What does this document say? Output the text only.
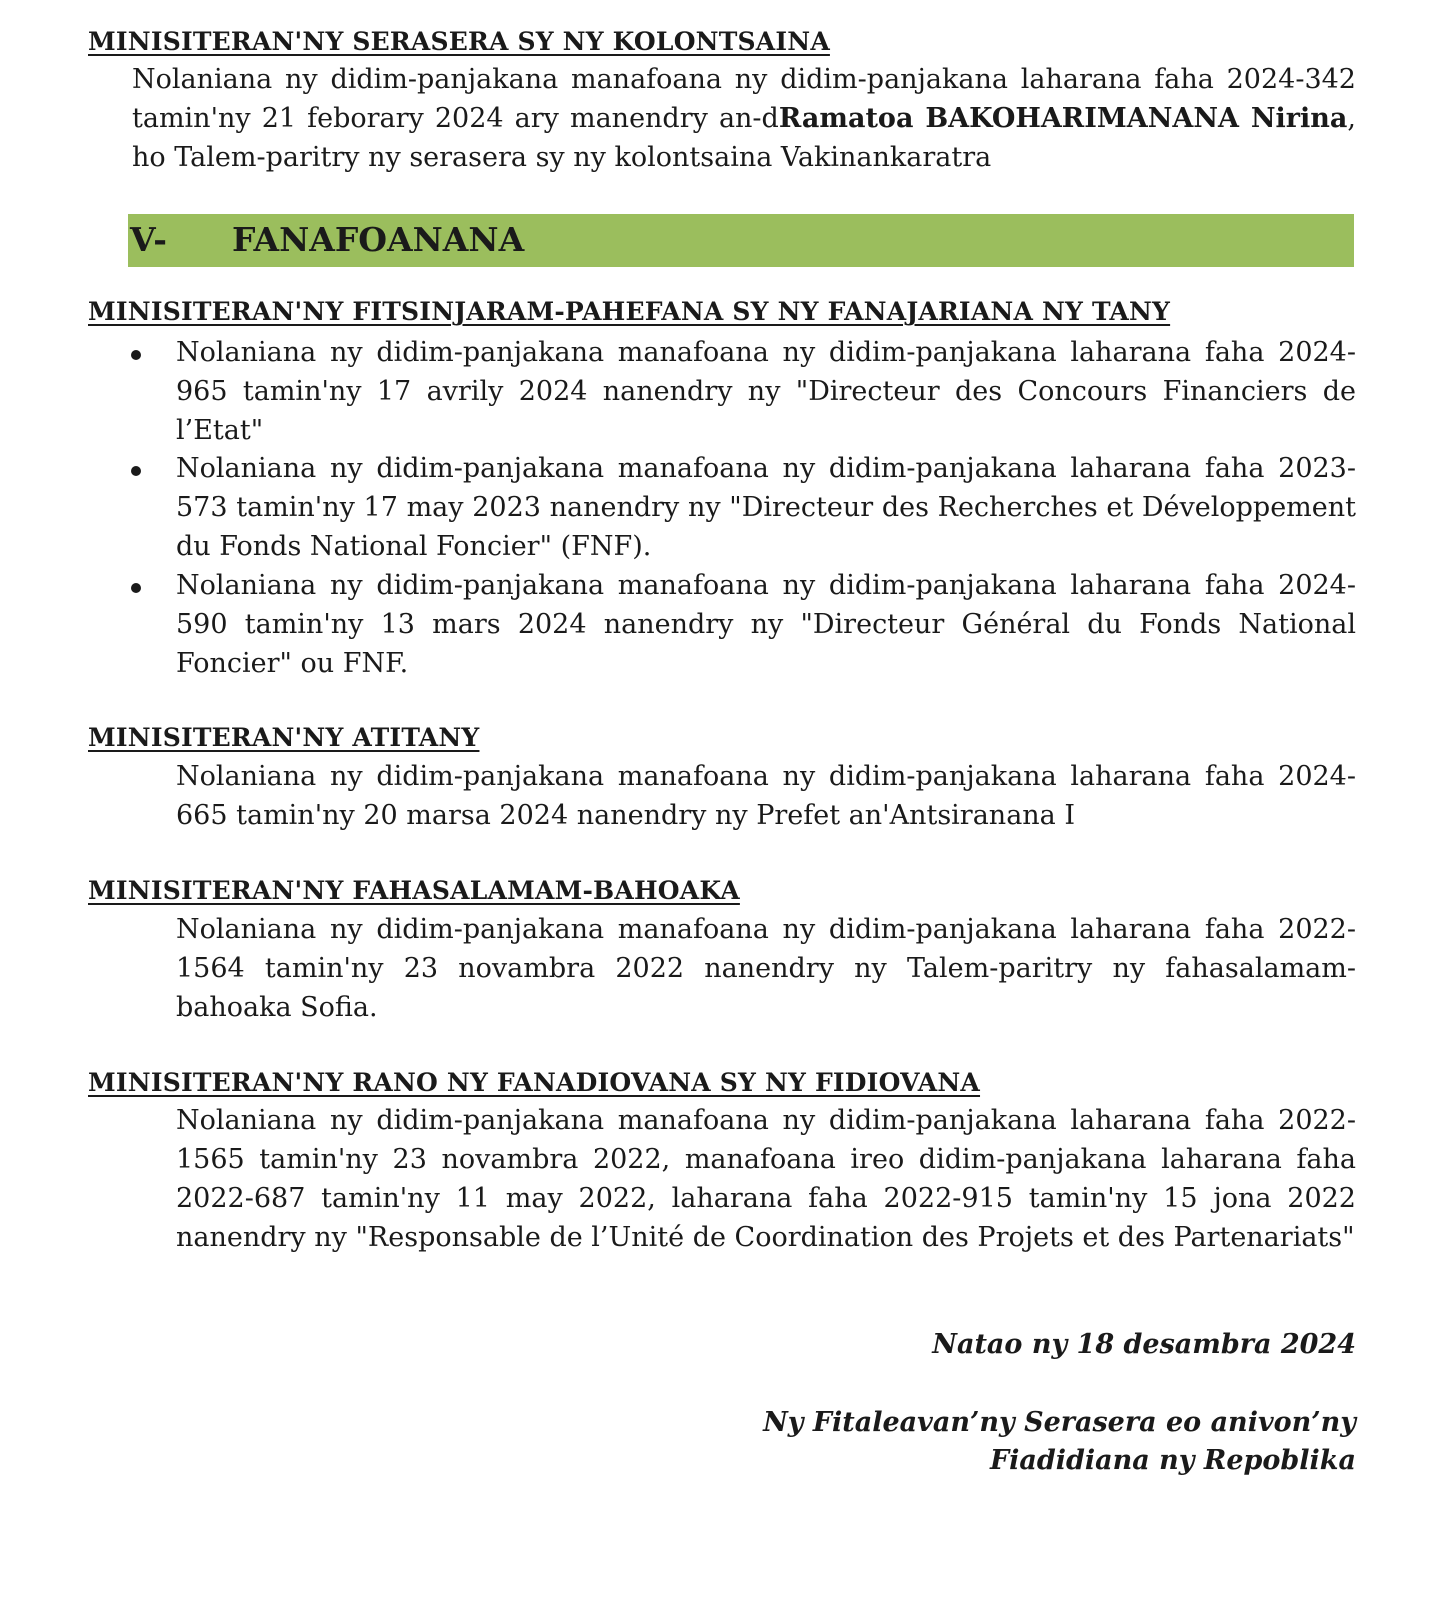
MINISITERAN'NY SERASERA SY NY KOLONTSAINA

Nolaniana ny didim-panjakana manafoana ny didim-panjakana laharana faha 2024-342 tamin'ny 21 feborary 2024 ary manendry an-dRamatoa BAKOHARIMANANA Nirina, ho Talem-paritry ny serasera sy ny kolontsaina Vakinankaratra

V- FANAFOANANA
MINISITERAN'NY FITSINJARAM-PAHEFANA SY NY FANAJARIANA NY TANY

Nolaniana ny didim-panjakana manafoana ny didim-panjakana laharana faha 2024-965 tamin'ny 17 avrily 2024 nanendry ny "Directeur des Concours Financiers de l’Etat"

Nolaniana ny didim-panjakana manafoana ny didim-panjakana laharana faha 2023-573 tamin'ny 17 may 2023 nanendry ny "Directeur des Recherches et Développement du Fonds National Foncier" (FNF).

Nolaniana ny didim-panjakana manafoana ny didim-panjakana laharana faha 2024-590 tamin'ny 13 mars 2024 nanendry ny "Directeur Général du Fonds National Foncier" ou FNF.

MINISITERAN'NY ATITANY

Nolaniana ny didim-panjakana manafoana ny didim-panjakana laharana faha 2024-665 tamin'ny 20 marsa 2024 nanendry ny Prefet an'Antsiranana I

MINISITERAN'NY FAHASALAMAM-BAHOAKA

Nolaniana ny didim-panjakana manafoana ny didim-panjakana laharana faha 2022-1564 tamin'ny 23 novambra 2022 nanendry ny Talem-paritry ny fahasalamam-bahoaka Sofia.

MINISITERAN'NY RANO NY FANADIOVANA SY NY FIDIOVANA

Nolaniana ny didim-panjakana manafoana ny didim-panjakana laharana faha 2022-1565 tamin'ny 23 novambra 2022, manafoana ireo didim-panjakana laharana faha 2022-687 tamin'ny 11 may 2022, laharana faha 2022-915 tamin'ny 15 jona 2022 nanendry ny "Responsable de l’Unité de Coordination des Projets et des Partenariats"

Natao ny 18 desambra 2024

Ny Fitaleavan’ny Serasera eo anivon’ny

Fiadidiana ny Repoblika
